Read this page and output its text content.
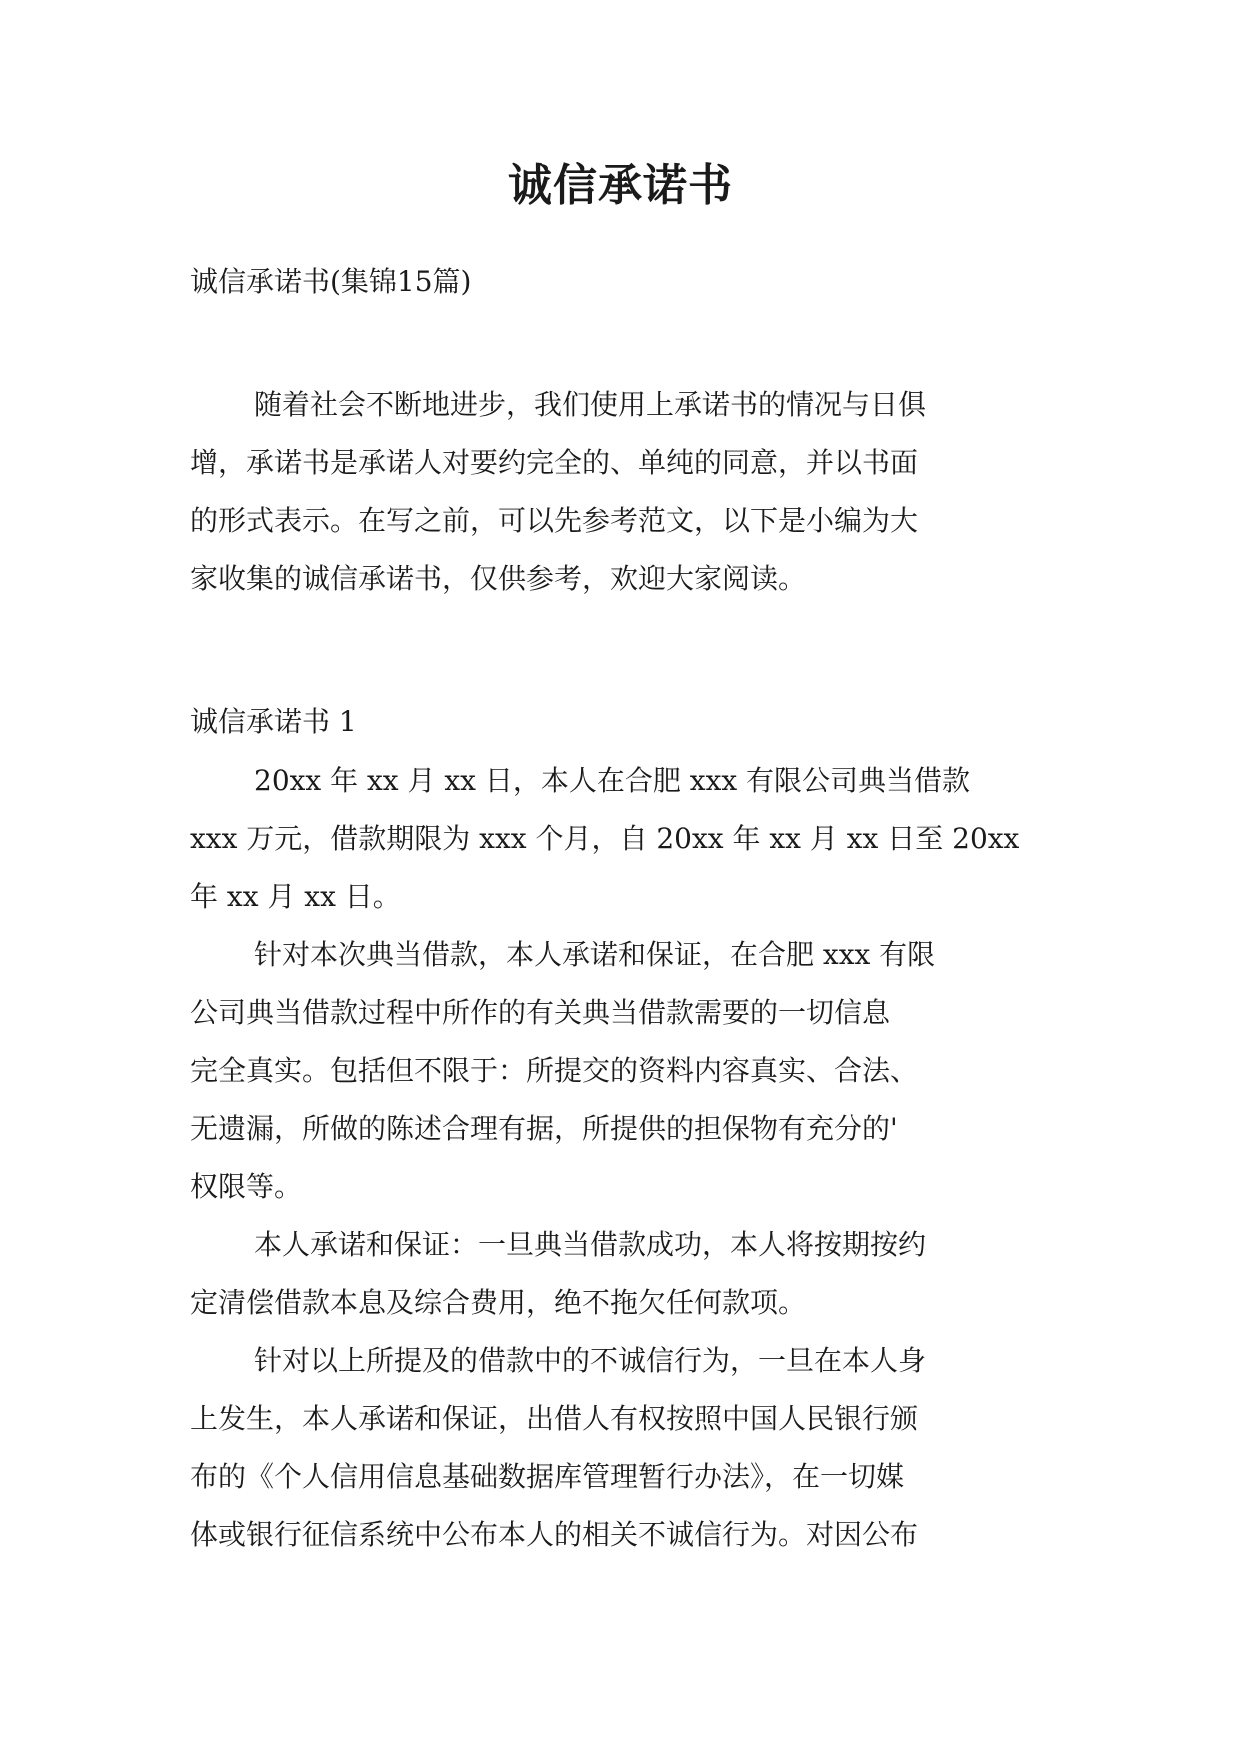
诚信承诺书

诚信承诺书(集锦15篇)

随着社会不断地进步，我们使用上承诺书的情况与日俱
增，承诺书是承诺人对要约完全的、单纯的同意，并以书面
的形式表示。在写之前，可以先参考范文，以下是小编为大
家收集的诚信承诺书，仅供参考，欢迎大家阅读。

诚信承诺书 1

20xx 年 xx 月 xx 日，本人在合肥 xxx 有限公司典当借款
xxx 万元，借款期限为 xxx 个月，自 20xx 年 xx 月 xx 日至 20xx
年 xx 月 xx 日。
针对本次典当借款，本人承诺和保证，在合肥 xxx 有限
公司典当借款过程中所作的有关典当借款需要的一切信息
完全真实。包括但不限于：所提交的资料内容真实、合法、
无遗漏，所做的陈述合理有据，所提供的担保物有充分的'
权限等。
本人承诺和保证：一旦典当借款成功，本人将按期按约
定清偿借款本息及综合费用，绝不拖欠任何款项。
针对以上所提及的借款中的不诚信行为，一旦在本人身
上发生，本人承诺和保证，出借人有权按照中国人民银行颁
布的《个人信用信息基础数据库管理暂行办法》，在一切媒
体或银行征信系统中公布本人的相关不诚信行为。对因公布
